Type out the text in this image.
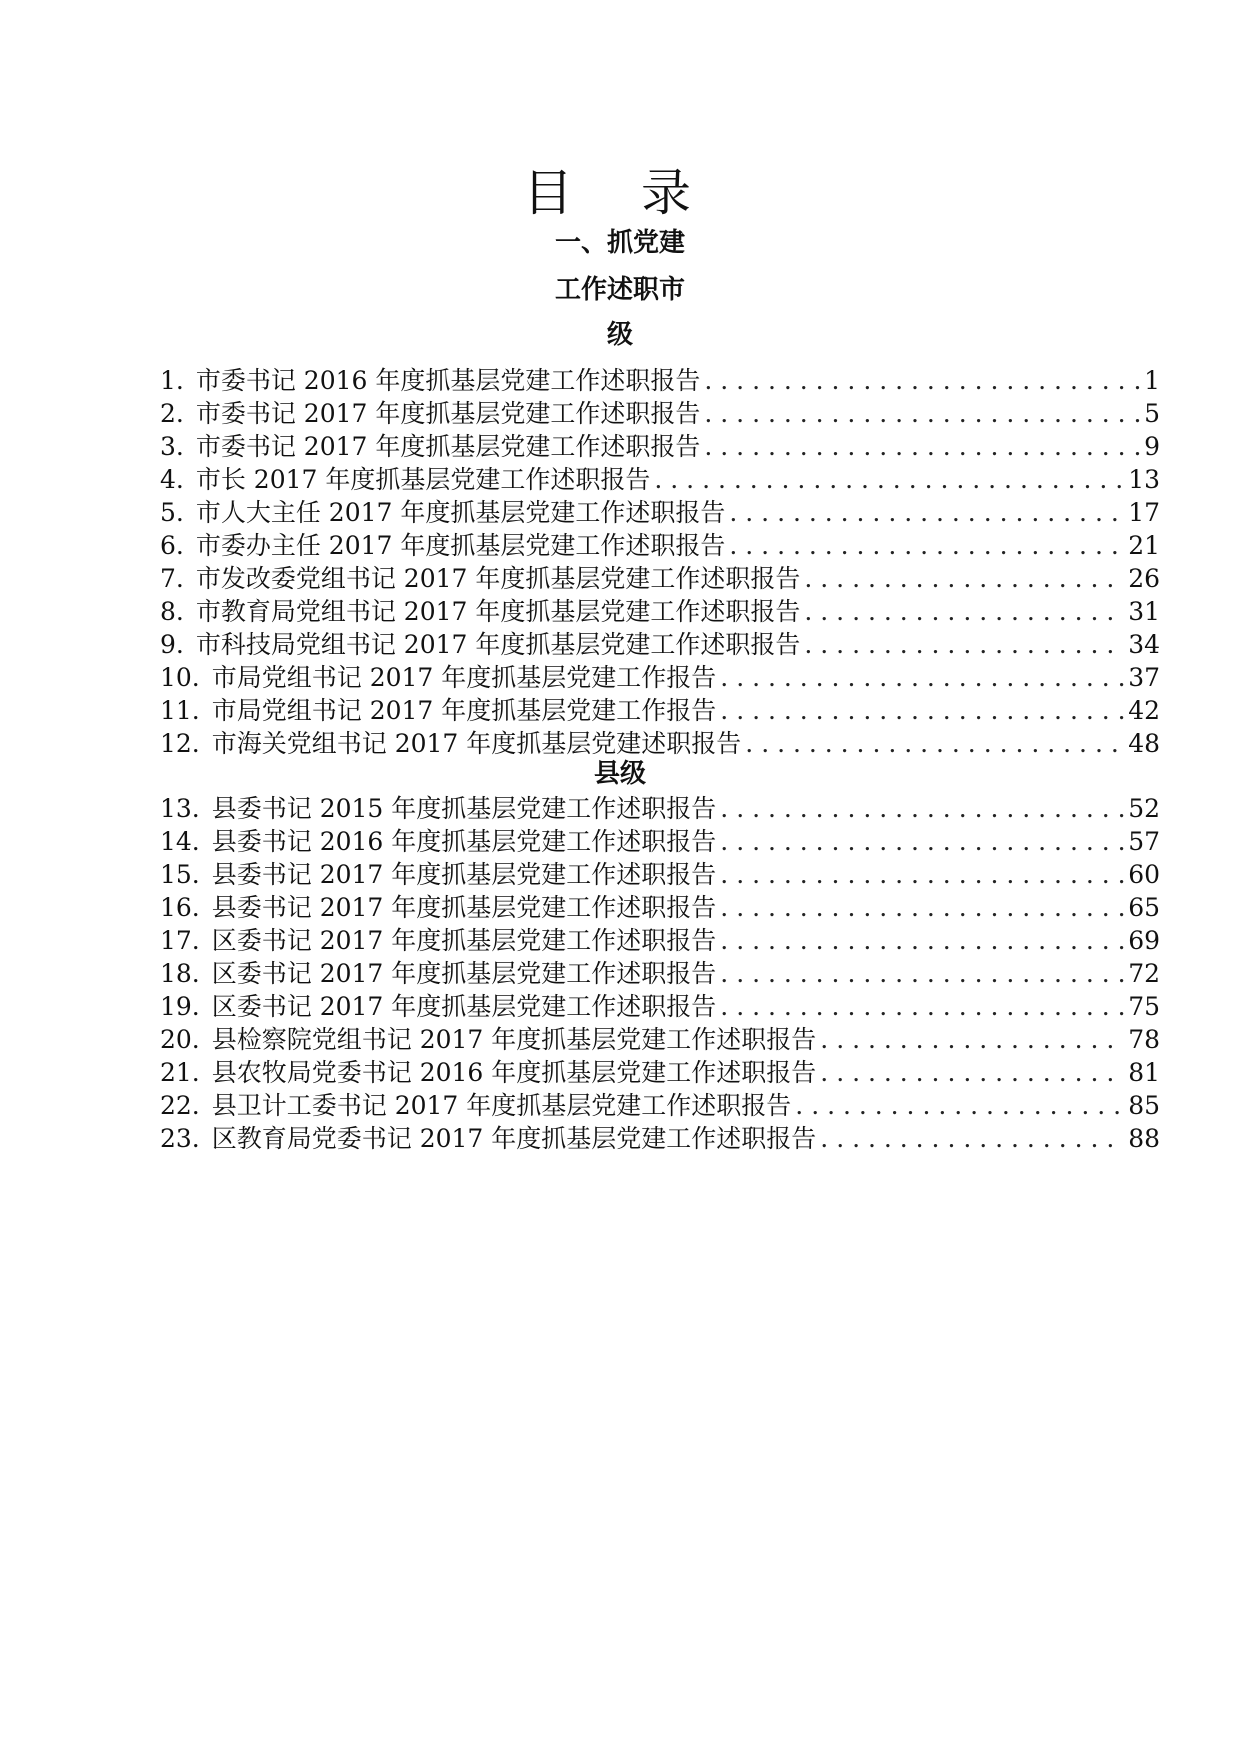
目 录
一、抓党建
工作述职市
级
1. 市委书记 2016 年度抓基层党建工作述职报告 . . .	1
2. 市委书记 2017 年度抓基层党建工作述职报告 . . .	5
3. 市委书记 2017 年度抓基层党建工作述职报告 . . .	9
4. 市长 2017 年度抓基层党建工作述职报告 . . .	13
5. 市人大主任 2017 年度抓基层党建工作述职报告 . . .	17
6. 市委办主任 2017 年度抓基层党建工作述职报告 . . .	21
7. 市发改委党组书记 2017 年度抓基层党建工作述职报告 . . .	26
8. 市教育局党组书记 2017 年度抓基层党建工作述职报告 . . .	31
9. 市科技局党组书记 2017 年度抓基层党建工作述职报告 . . .	34
10. 市局党组书记 2017 年度抓基层党建工作报告 . . .	37
11. 市局党组书记 2017 年度抓基层党建工作报告 . . .	42
12. 市海关党组书记 2017 年度抓基层党建述职报告 . . .	48
县级
13. 县委书记 2015 年度抓基层党建工作述职报告 . . .	52
14. 县委书记 2016 年度抓基层党建工作述职报告 . . .	57
15. 县委书记 2017 年度抓基层党建工作述职报告 . . .	60
16. 县委书记 2017 年度抓基层党建工作述职报告 . . .	65
17. 区委书记 2017 年度抓基层党建工作述职报告 . . .	69
18. 区委书记 2017 年度抓基层党建工作述职报告 . . .	72
19. 区委书记 2017 年度抓基层党建工作述职报告 . . .	75
20. 县检察院党组书记 2017 年度抓基层党建工作述职报告 . . .	78
21. 县农牧局党委书记 2016 年度抓基层党建工作述职报告 . . .	81
22. 县卫计工委书记 2017 年度抓基层党建工作述职报告 . . .	85
23. 区教育局党委书记 2017 年度抓基层党建工作述职报告 . . .	88
